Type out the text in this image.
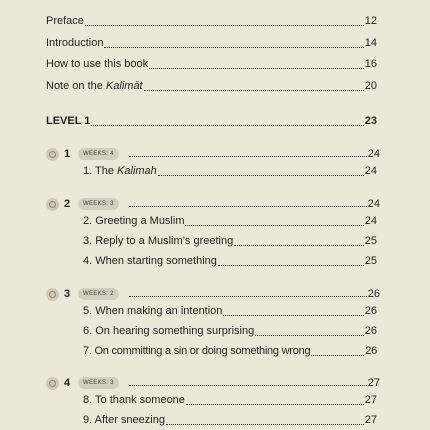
Preface	12
Introduction	14
How to use this book	16
Note on the Kalimāt	20
LEVEL 1	23
1	WEEKS: 4	24
1. The Kalimah	24
2	WEEKS: 3	24
2. Greeting a Muslim	24
3. Reply to a Muslim’s greeting	25
4. When starting something	25
3	WEEKS: 2	26
5. When making an intention	26
6. On hearing something surprising	26
7. On committing a sin or doing something wrong	26
4	WEEKS: 3	27
8. To thank someone	27
9. After sneezing	27
